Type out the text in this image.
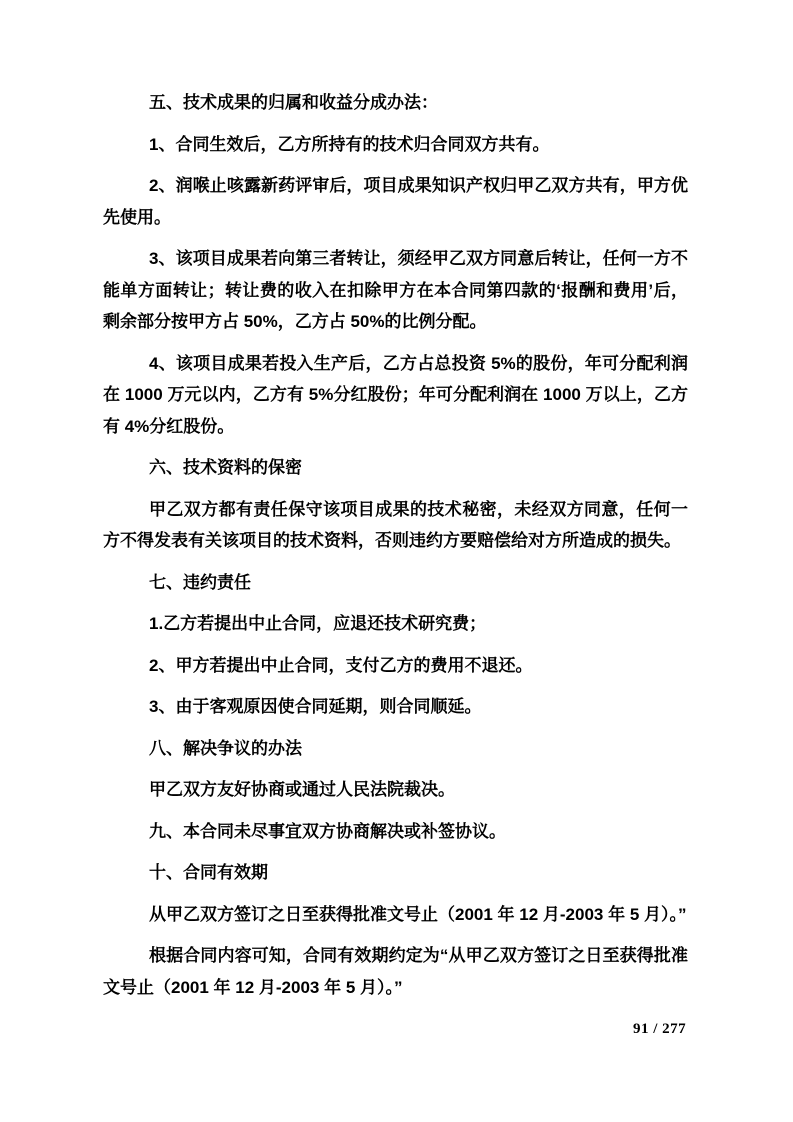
五、技术成果的归属和收益分成办法：

1、合同生效后，乙方所持有的技术归合同双方共有。

2、润喉止咳露新药评审后，项目成果知识产权归甲乙双方共有，甲方优先使用。

3、该项目成果若向第三者转让，须经甲乙双方同意后转让，任何一方不能单方面转让；转让费的收入在扣除甲方在本合同第四款的‘报酬和费用’后，剩余部分按甲方占 50%，乙方占 50%的比例分配。

4、该项目成果若投入生产后，乙方占总投资 5%的股份，年可分配利润在 1000 万元以内，乙方有 5%分红股份；年可分配利润在 1000 万以上，乙方有 4%分红股份。

六、技术资料的保密

甲乙双方都有责任保守该项目成果的技术秘密，未经双方同意，任何一方不得发表有关该项目的技术资料，否则违约方要赔偿给对方所造成的损失。

七、违约责任

1.乙方若提出中止合同，应退还技术研究费；

2、甲方若提出中止合同，支付乙方的费用不退还。

3、由于客观原因使合同延期，则合同顺延。

八、解决争议的办法

甲乙双方友好协商或通过人民法院裁决。

九、本合同未尽事宜双方协商解决或补签协议。

十、合同有效期

从甲乙双方签订之日至获得批准文号止（2001 年 12 月-2003 年 5 月）。”

根据合同内容可知，合同有效期约定为“从甲乙双方签订之日至获得批准文号止（2001 年 12 月-2003 年 5 月）。”

91 / 277
